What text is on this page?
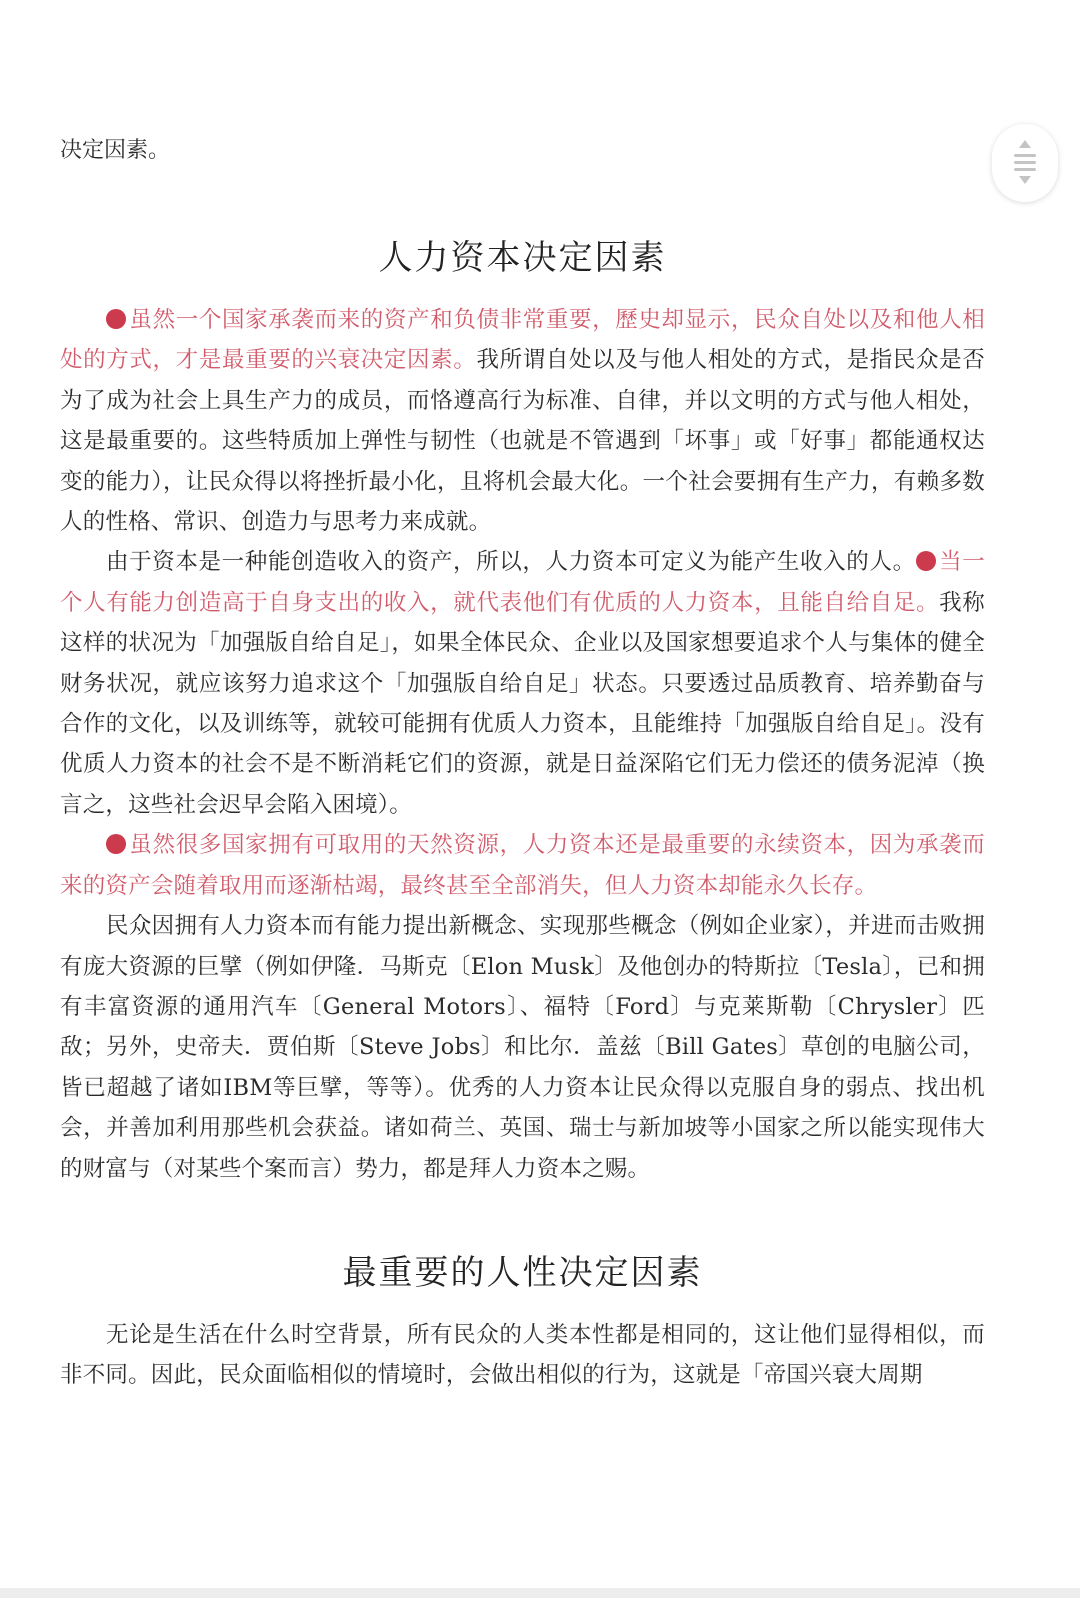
决定因素。

人力资本决定因素

虽然一个国家承袭而来的资产和负债非常重要，歷史却显示，民众自处以及和他人相处的方式，才是最重要的兴衰决定因素。我所谓自处以及与他人相处的方式，是指民众是否为了成为社会上具生产力的成员，而恪遵高行为标准、自律，并以文明的方式与他人相处，这是最重要的。这些特质加上弹性与韧性（也就是不管遇到「坏事」或「好事」都能通权达变的能力），让民众得以将挫折最小化，且将机会最大化。一个社会要拥有生产力，有赖多数人的性格、常识、创造力与思考力来成就。

由于资本是一种能创造收入的资产，所以，人力资本可定义为能产生收入的人。 当一个人有能力创造高于自身支出的收入，就代表他们有优质的人力资本，且能自给自足。我称这样的状况为「加强版自给自足」，如果全体民众、企业以及国家想要追求个人与集体的健全财务状况，就应该努力追求这个「加强版自给自足」状态。只要透过品质教育、培养勤奋与合作的文化，以及训练等，就较可能拥有优质人力资本，且能维持「加强版自给自足」。没有优质人力资本的社会不是不断消耗它们的资源，就是日益深陷它们无力偿还的债务泥淖（换言之，这些社会迟早会陷入困境）。

虽然很多国家拥有可取用的天然资源，人力资本还是最重要的永续资本，因为承袭而来的资产会随着取用而逐渐枯竭，最终甚至全部消失，但人力资本却能永久长存。

民众因拥有人力资本而有能力提出新概念、实现那些概念（例如企业家），并进而击败拥有庞大资源的巨擘（例如伊隆．马斯克〔Elon Musk〕及他创办的特斯拉〔Tesla〕，已和拥有丰富资源的通用汽车〔General Motors〕、福特〔Ford〕与克莱斯勒〔Chrysler〕匹敌；另外，史帝夫．贾伯斯〔Steve Jobs〕和比尔．盖兹〔Bill Gates〕草创的电脑公司，皆已超越了诸如IBM等巨擘，等等）。优秀的人力资本让民众得以克服自身的弱点、找出机会，并善加利用那些机会获益。诸如荷兰、英国、瑞士与新加坡等小国家之所以能实现伟大的财富与（对某些个案而言）势力，都是拜人力资本之赐。

最重要的人性决定因素

无论是生活在什么时空背景，所有民众的人类本性都是相同的，这让他们显得相似，而非不同。因此，民众面临相似的情境时，会做出相似的行为，这就是「帝国兴衰大周期
